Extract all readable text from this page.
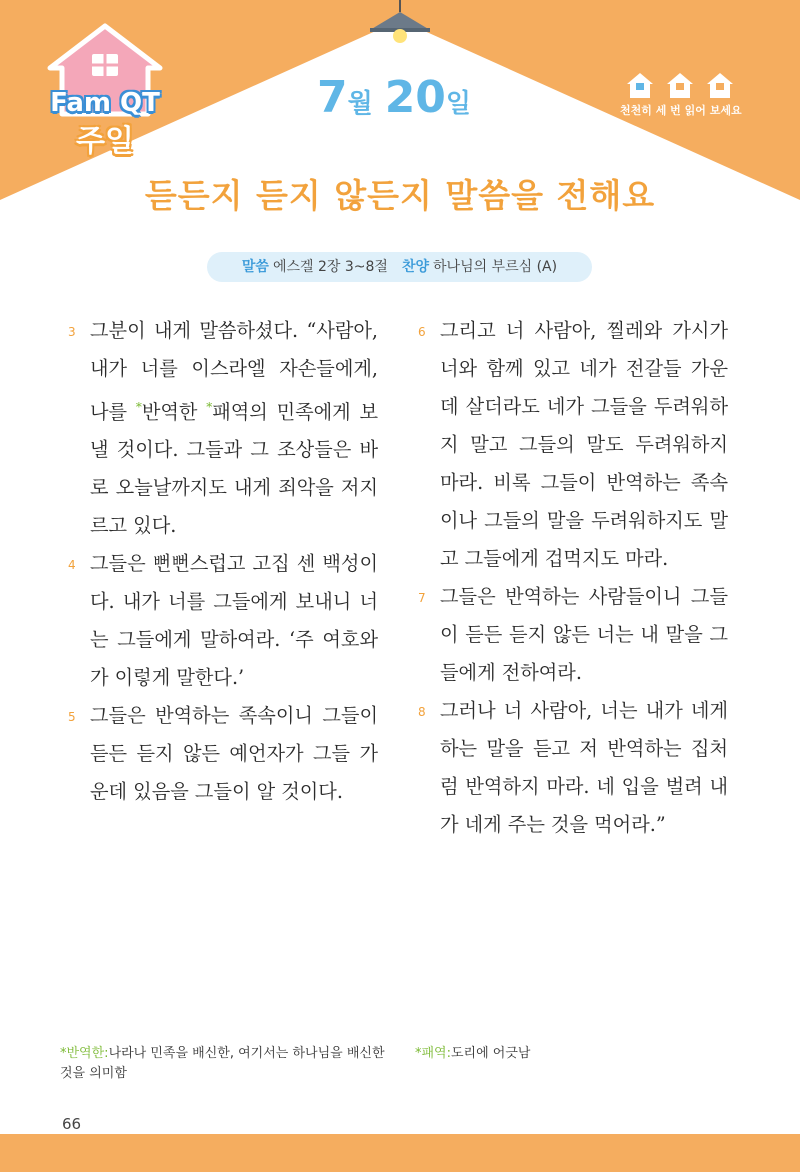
Fam QT
주일
7월 20일	천천히 세 번 읽어 보세요
듣든지 듣지 않든지 말씀을 전해요
말씀 에스겔 2장 3~8절 찬양 하나님의 부르심 (A)

3 그분이 내게 말씀하셨다. “사람아, 내가 너를 이스라엘 자손들에게, 나를 *반역한 *패역의 민족에게 보낼 것이다. 그들과 그 조상들은 바로 오늘날까지도 내게 죄악을 저지르고 있다.

4 그들은 뻔뻔스럽고 고집 센 백성이다. 내가 너를 그들에게 보내니 너는 그들에게 말하여라. ‘주 여호와가 이렇게 말한다.’

5 그들은 반역하는 족속이니 그들이 듣든 듣지 않든 예언자가 그들 가운데 있음을 그들이 알 것이다.

6 그리고 너 사람아, 찔레와 가시가 너와 함께 있고 네가 전갈들 가운데 살더라도 네가 그들을 두려워하지 말고 그들의 말도 두려워하지 마라. 비록 그들이 반역하는 족속이나 그들의 말을 두려워하지도 말고 그들에게 겁먹지도 마라.

7 그들은 반역하는 사람들이니 그들이 듣든 듣지 않든 너는 내 말을 그들에게 전하여라.

8 그러나 너 사람아, 너는 내가 네게 하는 말을 듣고 저 반역하는 집처럼 반역하지 마라. 네 입을 벌려 내가 네게 주는 것을 먹어라.”

*반역한:나라나 민족을 배신한, 여기서는 하나님을 배신한 것을 의미함
*패역:도리에 어긋남
66
